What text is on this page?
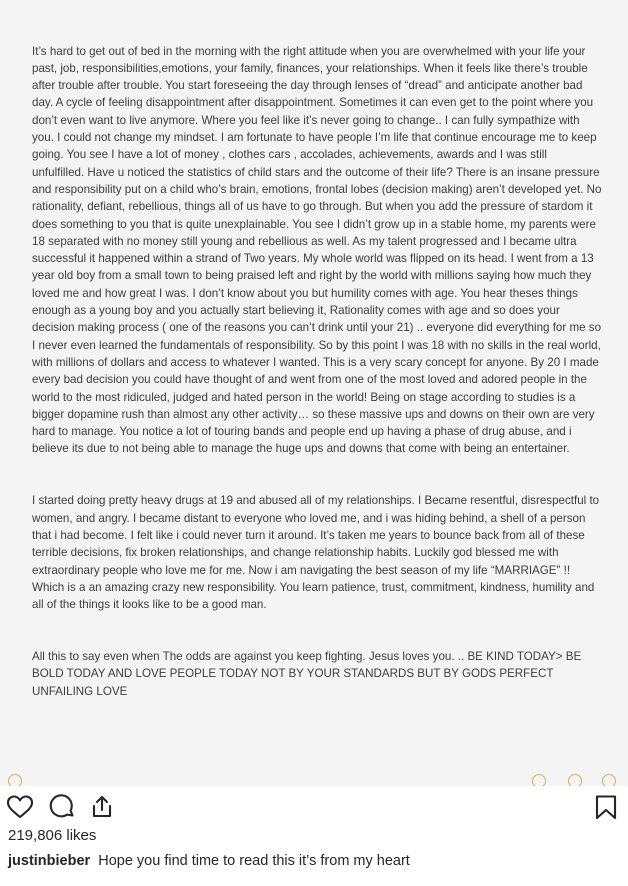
It’s hard to get out of bed in the morning with the right attitude when you are overwhelmed with your life your past, job, responsibilities,emotions, your family, finances, your relationships. When it feels like there’s trouble after trouble after trouble. You start foreseeing the day through lenses of “dread” and anticipate another bad day. A cycle of feeling disappointment after disappointment. Sometimes it can even get to the point where you don’t even want to live anymore. Where you feel like it’s never going to change.. I can fully sympathize with you. I could not change my mindset. I am fortunate to have people I’m life that continue encourage me to keep going. You see I have a lot of money , clothes cars , accolades, achievements, awards and I was still unfulfilled. Have u noticed the statistics of child stars and the outcome of their life? There is an insane pressure and responsibility put on a child who’s brain, emotions, frontal lobes (decision making) aren’t developed yet. No rationality, defiant, rebellious, things all of us have to go through. But when you add the pressure of stardom it does something to you that is quite unexplainable. You see I didn’t grow up in a stable home, my parents were 18 separated with no money still young and rebellious as well. As my talent progressed and I became ultra successful it happened within a strand of Two years. My whole world was flipped on its head. I went from a 13 year old boy from a small town to being praised left and right by the world with millions saying how much they loved me and how great I was. I don’t know about you but humility comes with age. You hear theses things enough as a young boy and you actually start believing it, Rationality comes with age and so does your decision making process ( one of the reasons you can’t drink until your 21) .. everyone did everything for me so I never even learned the fundamentals of responsibility. So by this point I was 18 with no skills in the real world, with millions of dollars and access to whatever I wanted. This is a very scary concept for anyone. By 20 I made every bad decision you could have thought of and went from one of the most loved and adored people in the world to the most ridiculed, judged and hated person in the world! Being on stage according to studies is a bigger dopamine rush than almost any other activity… so these massive ups and downs on their own are very hard to manage. You notice a lot of touring bands and people end up having a phase of drug abuse, and i believe its due to not being able to manage the huge ups and downs that come with being an entertainer.

I started doing pretty heavy drugs at 19 and abused all of my relationships. I Became resentful, disrespectful to women, and angry. I became distant to everyone who loved me, and i was hiding behind, a shell of a person that i had become. I felt like i could never turn it around. It’s taken me years to bounce back from all of these terrible decisions, fix broken relationships, and change relationship habits. Luckily god blessed me with extraordinary people who love me for me. Now i am navigating the best season of my life “MARRIAGE” !! Which is a an amazing crazy new responsibility. You learn patience, trust, commitment, kindness, humility and all of the things it looks like to be a good man.

All this to say even when The odds are against you keep fighting. Jesus loves you. .. BE KIND TODAY> BE BOLD TODAY AND LOVE PEOPLE TODAY NOT BY YOUR STANDARDS BUT BY GODS PERFECT UNFAILING LOVE

219,806 likes
justinbieber Hope you find time to read this it’s from my heart
